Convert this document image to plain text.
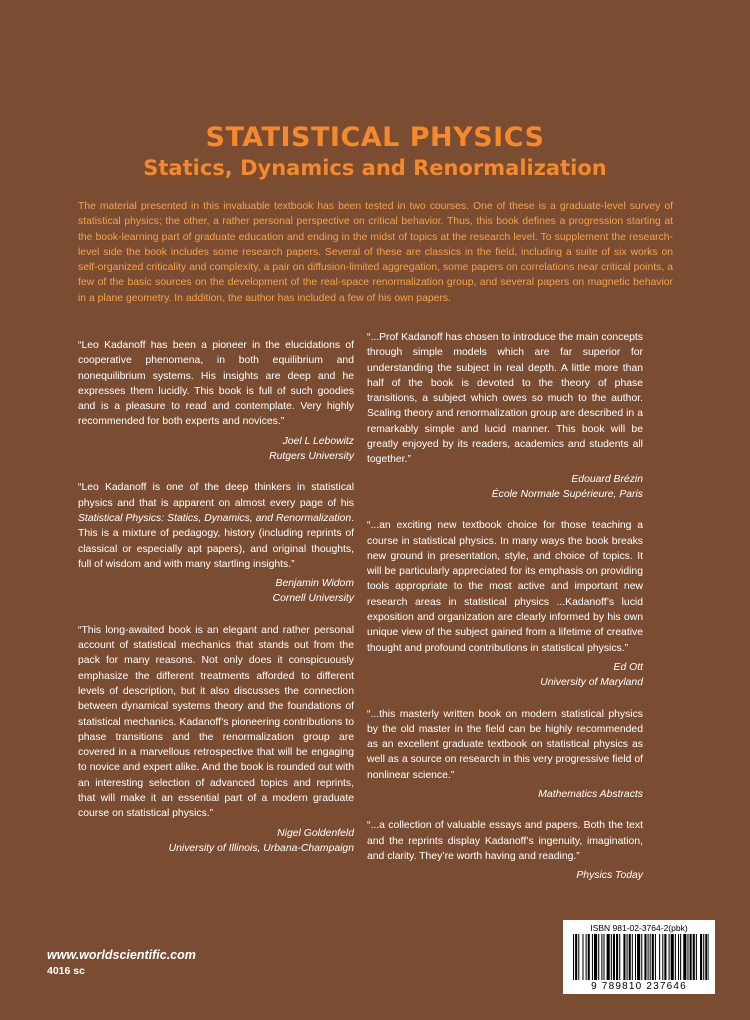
STATISTICAL PHYSICS
Statics, Dynamics and Renormalization

The material presented in this invaluable textbook has been tested in two courses. One of these is a graduate-level survey of statistical physics; the other, a rather personal perspective on critical behavior. Thus, this book defines a progression starting at the book-learning part of graduate education and ending in the midst of topics at the research level. To supplement the research-level side the book includes some research papers. Several of these are classics in the field, including a suite of six works on self-organized criticality and complexity, a pair on diffusion-limited aggregation, some papers on correlations near critical points, a few of the basic sources on the development of the real-space renormalization group, and several papers on magnetic behavior in a plane geometry. In addition, the author has included a few of his own papers.

“Leo Kadanoff has been a pioneer in the elucidations of cooperative phenomena, in both equilibrium and nonequilibrium systems. His insights are deep and he expresses them lucidly. This book is full of such goodies and is a pleasure to read and contemplate. Very highly recommended for both experts and novices.”

Joel L Lebowitz
Rutgers University

“Leo Kadanoff is one of the deep thinkers in statistical physics and that is apparent on almost every page of his Statistical Physics: Statics, Dynamics, and Renormalization. This is a mixture of pedagogy, history (including reprints of classical or especially apt papers), and original thoughts, full of wisdom and with many startling insights.”

Benjamin Widom
Cornell University

“This long-awaited book is an elegant and rather personal account of statistical mechanics that stands out from the pack for many reasons. Not only does it conspicuously emphasize the different treatments afforded to different levels of description, but it also discusses the connection between dynamical systems theory and the foundations of statistical mechanics. Kadanoff’s pioneering contributions to phase transitions and the renormalization group are covered in a marvellous retrospective that will be engaging to novice and expert alike. And the book is rounded out with an interesting selection of advanced topics and reprints, that will make it an essential part of a modern graduate course on statistical physics.”

Nigel Goldenfeld
University of Illinois, Urbana-Champaign

“...Prof Kadanoff has chosen to introduce the main concepts through simple models which are far superior for understanding the subject in real depth. A little more than half of the book is devoted to the theory of phase transitions, a subject which owes so much to the author. Scaling theory and renormalization group are described in a remarkably simple and lucid manner. This book will be greatly enjoyed by its readers, academics and students all together.”

Edouard Brézin
École Normale Supérieure, Paris

“...an exciting new textbook choice for those teaching a course in statistical physics. In many ways the book breaks new ground in presentation, style, and choice of topics. It will be particularly appreciated for its emphasis on providing tools appropriate to the most active and important new research areas in statistical physics ...Kadanoff’s lucid exposition and organization are clearly informed by his own unique view of the subject gained from a lifetime of creative thought and profound contributions in statistical physics.”

Ed Ott
University of Maryland

“...this masterly written book on modern statistical physics by the old master in the field can be highly recommended as an excellent graduate textbook on statistical physics as well as a source on research in this very progressive field of nonlinear science.”

Mathematics Abstracts

“...a collection of valuable essays and papers. Both the text and the reprints display Kadanoff’s ingenuity, imagination, and clarity. They’re worth having and reading.”

Physics Today
www.worldscientific.com
4016 sc
ISBN 981-02-3764-2(pbk)
9 789810 237646
